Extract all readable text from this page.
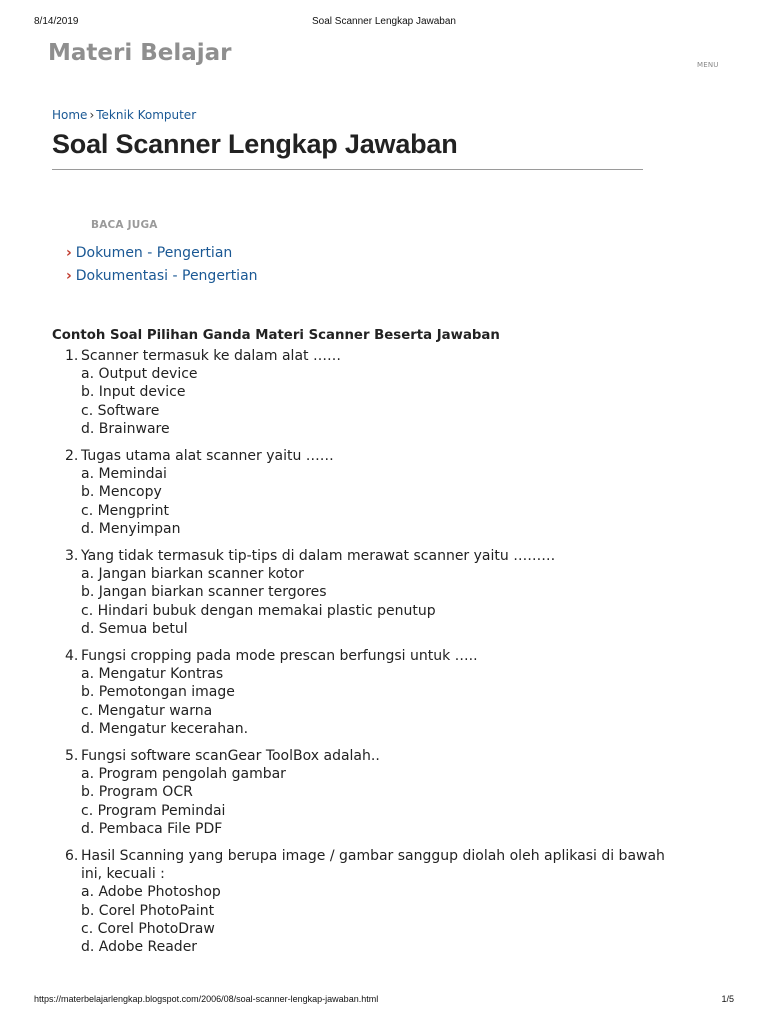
8/14/2019	Soal Scanner Lengkap Jawaban
Materi Belajar	MENU
Home › Teknik Komputer
Soal Scanner Lengkap Jawaban
BACA JUGA
› Dokumen - Pengertian
› Dokumentasi - Pengertian
Contoh Soal Pilihan Ganda Materi Scanner Beserta Jawaban
1. Scanner termasuk ke dalam alat ……
a. Output device
b. Input device
c. Software
d. Brainware
2. Tugas utama alat scanner yaitu ……
a. Memindai
b. Mencopy
c. Mengprint
d. Menyimpan
3. Yang tidak termasuk tip-tips di dalam merawat scanner yaitu ………
a. Jangan biarkan scanner kotor
b. Jangan biarkan scanner tergores
c. Hindari bubuk dengan memakai plastic penutup
d. Semua betul
4. Fungsi cropping pada mode prescan berfungsi untuk …..
a. Mengatur Kontras
b. Pemotongan image
c. Mengatur warna
d. Mengatur kecerahan.
5. Fungsi software scanGear ToolBox adalah..
a. Program pengolah gambar
b. Program OCR
c. Program Pemindai
d. Pembaca File PDF
6. Hasil Scanning yang berupa image / gambar sanggup diolah oleh aplikasi di bawah ini, kecuali :
a. Adobe Photoshop
b. Corel PhotoPaint
c. Corel PhotoDraw
d. Adobe Reader
https://materbelajarlengkap.blogspot.com/2006/08/soal-scanner-lengkap-jawaban.html	1/5
